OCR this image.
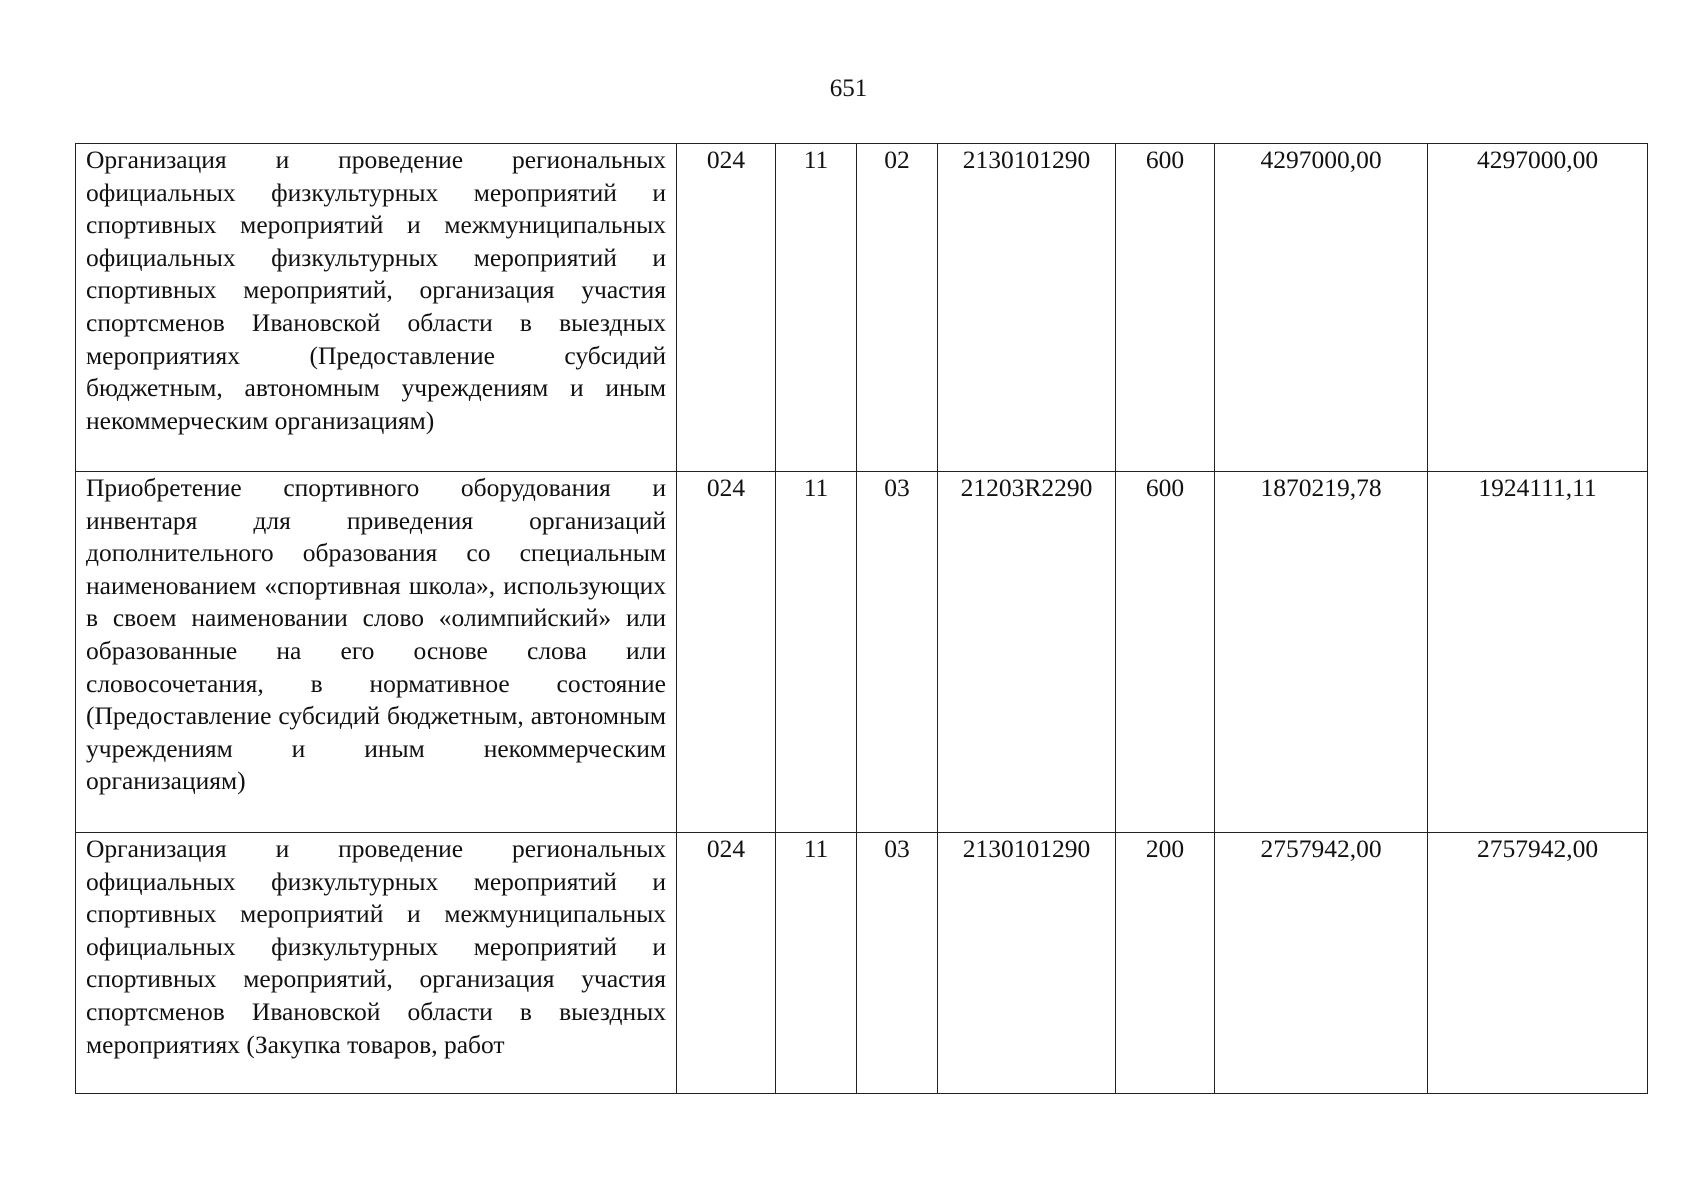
651
Организация и проведение региональных официальных физкультурных мероприятий и спортивных мероприятий и межмуниципальных официальных физкультурных мероприятий и спортивных мероприятий, организация участия спортсменов Ивановской области в выездных мероприятиях (Предоставление субсидий бюджетным, автономным учреждениям и иным некоммерческим организациям)	024	11	02	2130101290	600	4297000,00	4297000,00
Приобретение спортивного оборудования и инвентаря для приведения организаций дополнительного образования со специальным наименованием «спортивная школа», использующих в своем наименовании слово «олимпийский» или образованные на его основе слова или словосочетания, в нормативное состояние (Предоставление субсидий бюджетным, автономным учреждениям и иным некоммерческим организациям)	024	11	03	21203R2290	600	1870219,78	1924111,11
Организация и проведение региональных официальных физкультурных мероприятий и спортивных мероприятий и межмуниципальных официальных физкультурных мероприятий и спортивных мероприятий, организация участия спортсменов Ивановской области в выездных мероприятиях (Закупка товаров, работ	024	11	03	2130101290	200	2757942,00	2757942,00
